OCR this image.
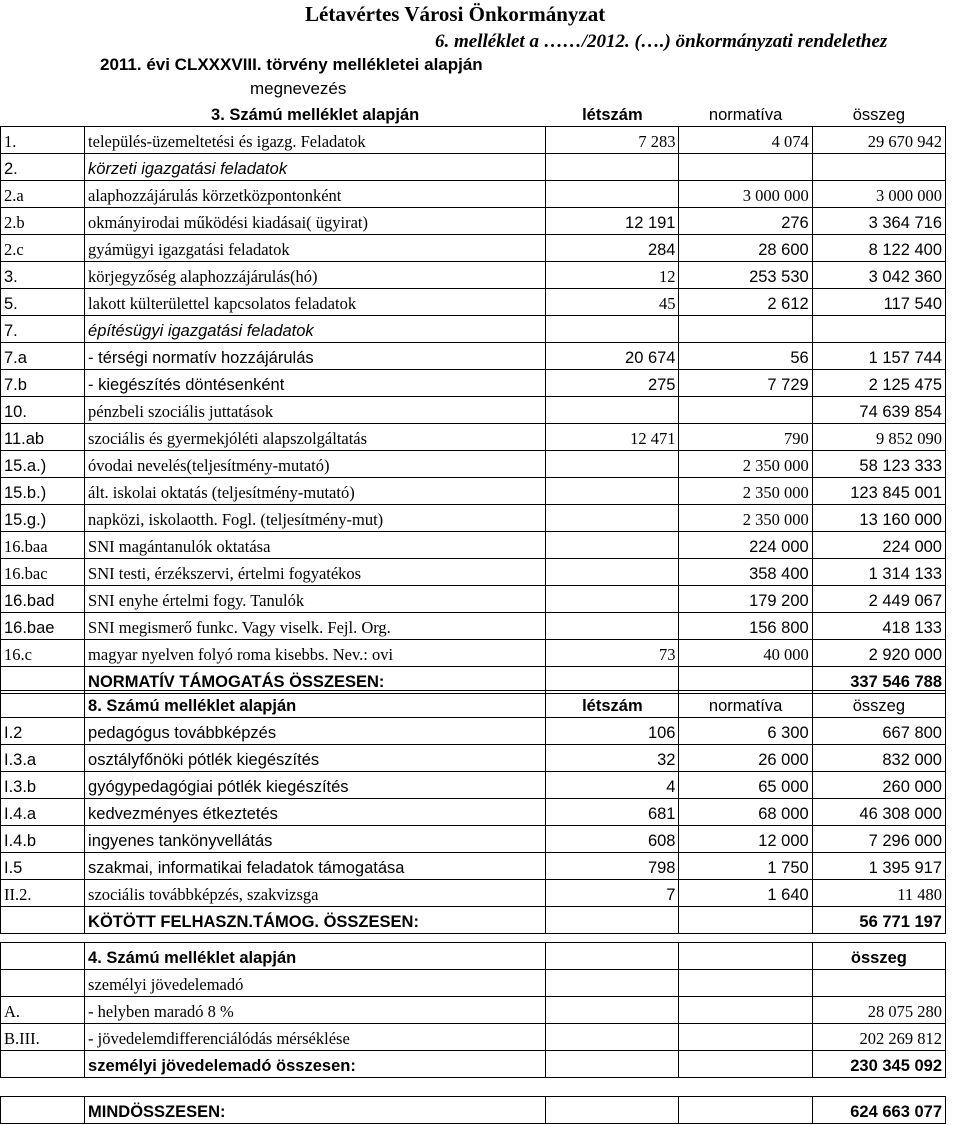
Létavértes Városi Önkormányzat
6. melléklet a ……/2012. (….) önkormányzati rendelethez
2011. évi CLXXXVIII. törvény mellékletei alapján
megnevezés
	3. Számú melléklet alapján	létszám	normatíva	összeg
1.	település-üzemeltetési és igazg. Feladatok	7 283	4 074	29 670 942
2.	körzeti igazgatási feladatok			
2.a	alaphozzájárulás körzetközpontonként		3 000 000	3 000 000
2.b	okmányirodai működési kiadásai( ügyirat)	12 191	276	3 364 716
2.c	gyámügyi igazgatási feladatok	284	28 600	8 122 400
3.	körjegyzőség alaphozzájárulás(hó)	12	253 530	3 042 360
5.	lakott külterülettel kapcsolatos feladatok	45	2 612	117 540
7.	építésügyi igazgatási feladatok			
7.a	- térségi normatív hozzájárulás	20 674	56	1 157 744
7.b	- kiegészítés döntésenként	275	7 729	2 125 475
10.	pénzbeli szociális juttatások			74 639 854
11.ab	szociális és gyermekjóléti alapszolgáltatás	12 471	790	9 852 090
15.a.)	óvodai nevelés(teljesítmény-mutató)		2 350 000	58 123 333
15.b.)	ált. iskolai oktatás (teljesítmény-mutató)		2 350 000	123 845 001
15.g.)	napközi, iskolaotth. Fogl. (teljesítmény-mut)		2 350 000	13 160 000
16.baa	SNI magántanulók oktatása		224 000	224 000
16.bac	SNI testi, érzékszervi, értelmi fogyatékos		358 400	1 314 133
16.bad	SNI enyhe értelmi fogy. Tanulók		179 200	2 449 067
16.bae	SNI megismerő funkc. Vagy viselk. Fejl. Org.		156 800	418 133
16.c	magyar nyelven folyó roma kisebbs. Nev.: ovi	73	40 000	2 920 000
	NORMATÍV TÁMOGATÁS ÖSSZESEN:			337 546 788
	8. Számú melléklet alapján	létszám	normatíva	összeg
I.2	pedagógus továbbképzés	106	6 300	667 800
I.3.a	osztályfőnöki pótlék kiegészítés	32	26 000	832 000
I.3.b	gyógypedagógiai pótlék kiegészítés	4	65 000	260 000
I.4.a	kedvezményes étkeztetés	681	68 000	46 308 000
I.4.b	ingyenes tankönyvellátás	608	12 000	7 296 000
I.5	szakmai, informatikai feladatok támogatása	798	1 750	1 395 917
II.2.	szociális továbbképzés, szakvizsga	7	1 640	11 480
	KÖTÖTT FELHASZN.TÁMOG. ÖSSZESEN:			56 771 197
	4. Számú melléklet alapján			összeg
	személyi jövedelemadó			
A.	- helyben maradó 8 %			28 075 280
B.III.	- jövedelemdifferenciálódás mérséklése			202 269 812
	személyi jövedelemadó összesen:			230 345 092
	MINDÖSSZESEN:			624 663 077
